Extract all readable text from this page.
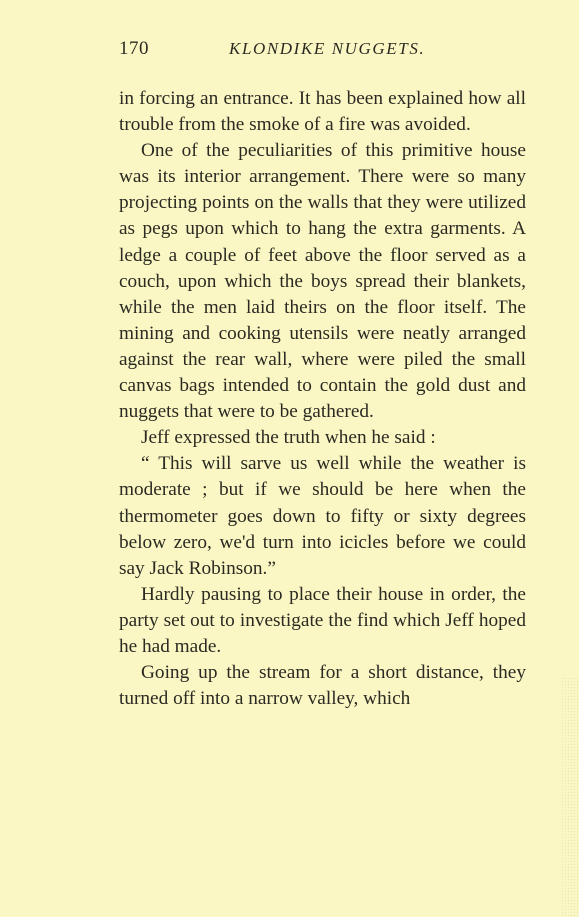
170	KLONDIKE NUGGETS.

in forcing an entrance. It has been explained how all trouble from the smoke of a fire was avoided.

One of the peculiarities of this primitive house was its interior arrangement. There were so many projecting points on the walls that they were utilized as pegs upon which to hang the extra garments. A ledge a couple of feet above the floor served as a couch, upon which the boys spread their blankets, while the men laid theirs on the floor itself. The mining and cooking utensils were neatly arranged against the rear wall, where were piled the small canvas bags intended to contain the gold dust and nuggets that were to be gathered.

Jeff expressed the truth when he said :

“ This will sarve us well while the weather is moderate ; but if we should be here when the thermometer goes down to fifty or sixty degrees below zero, we'd turn into icicles before we could say Jack Robinson.”

Hardly pausing to place their house in order, the party set out to investigate the find which Jeff hoped he had made.

Going up the stream for a short distance, they turned off into a narrow valley, which
